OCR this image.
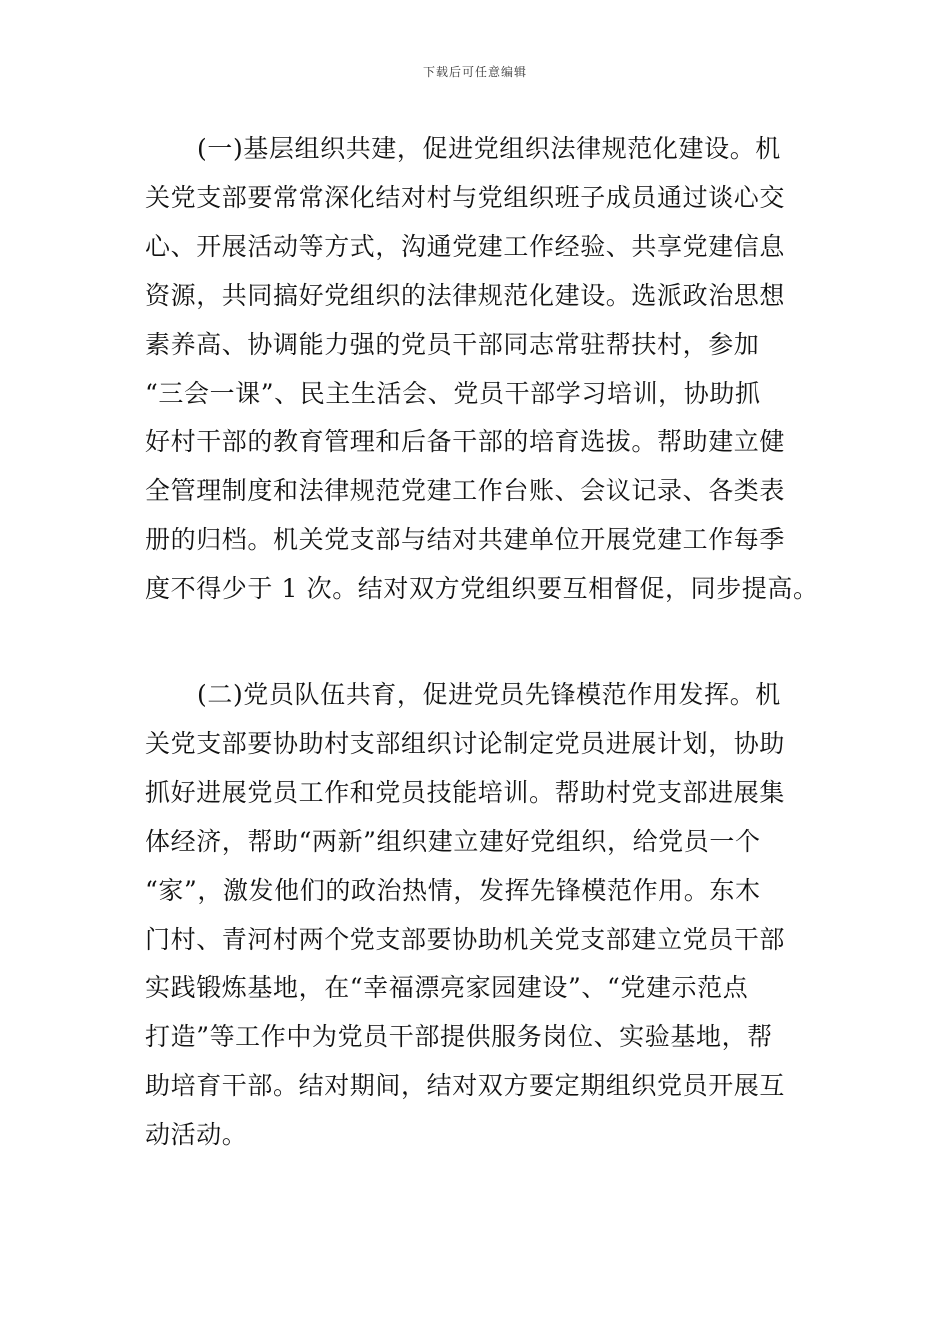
下载后可任意编辑
(一)基层组织共建，促进党组织法律规范化建设。机
关党支部要常常深化结对村与党组织班子成员通过谈心交
心、开展活动等方式，沟通党建工作经验、共享党建信息
资源，共同搞好党组织的法律规范化建设。选派政治思想
素养高、协调能力强的党员干部同志常驻帮扶村，参加
“三会一课”、民主生活会、党员干部学习培训，协助抓
好村干部的教育管理和后备干部的培育选拔。帮助建立健
全管理制度和法律规范党建工作台账、会议记录、各类表
册的归档。机关党支部与结对共建单位开展党建工作每季
度不得少于 1 次。结对双方党组织要互相督促，同步提高。
(二)党员队伍共育，促进党员先锋模范作用发挥。机
关党支部要协助村支部组织讨论制定党员进展计划，协助
抓好进展党员工作和党员技能培训。帮助村党支部进展集
体经济，帮助“两新”组织建立建好党组织，给党员一个
“家”，激发他们的政治热情，发挥先锋模范作用。东木
门村、青河村两个党支部要协助机关党支部建立党员干部
实践锻炼基地，在“幸福漂亮家园建设”、“党建示范点
打造”等工作中为党员干部提供服务岗位、实验基地，帮
助培育干部。结对期间，结对双方要定期组织党员开展互
动活动。
